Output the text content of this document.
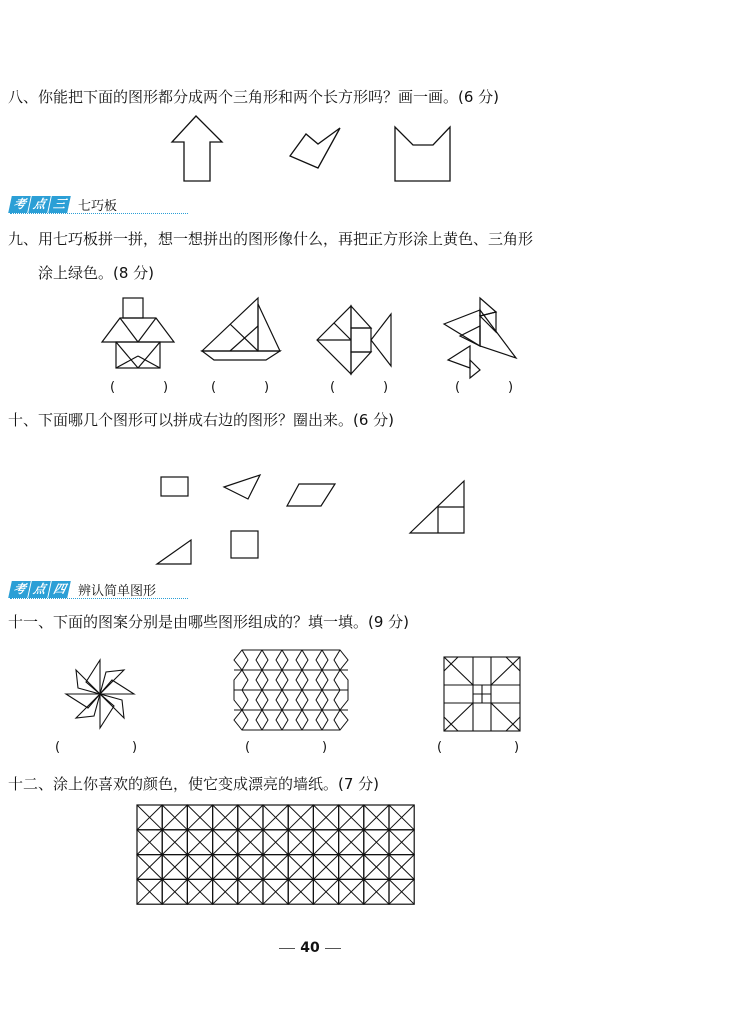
八、你能把下面的图形都分成两个三角形和两个长方形吗？画一画。(6 分)
考 点 三 七巧板
九、用七巧板拼一拼，想一想拼出的图形像什么，再把正方形涂上黄色、三角形
涂上绿色。(8 分)
(	)	(	)	(	)	(	)
十、下面哪几个图形可以拼成右边的图形？圈出来。(6 分)
考 点 四 辨认简单图形
十一、下面的图案分别是由哪些图形组成的？填一填。(9 分)
(	)	(	)	(	)
十二、涂上你喜欢的颜色，使它变成漂亮的墙纸。(7 分)
40
